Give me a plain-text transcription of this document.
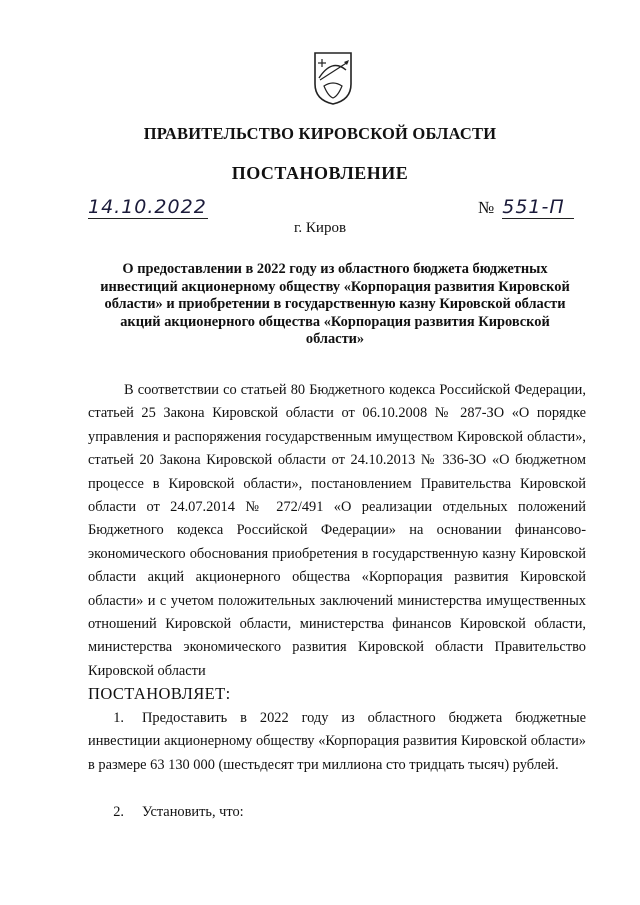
ПРАВИТЕЛЬСТВО КИРОВСКОЙ ОБЛАСТИ
ПОСТАНОВЛЕНИЕ
14.10.2022	№ 551-П
г. Киров
О предоставлении в 2022 году из областного бюджета бюджетных инвестиций акционерному обществу «Корпорация развития Кировской области» и приобретении в государственную казну Кировской области акций акционерного общества «Корпорация развития Кировской области»
В соответствии со статьей 80 Бюджетного кодекса Российской Федерации, статьей 25 Закона Кировской области от 06.10.2008 № 287-ЗО «О порядке управления и распоряжения государственным имуществом Кировской области», статьей 20 Закона Кировской области от 24.10.2013 № 336-ЗО «О бюджетном процессе в Кировской области», постановлением Правительства Кировской области от 24.07.2014 № 272/491 «О реализации отдельных положений Бюджетного кодекса Российской Федерации» на основании финансово-экономического обоснования приобретения в государственную казну Кировской области акций акционерного общества «Корпорация развития Кировской области» и с учетом положительных заключений министерства имущественных отношений Кировской области, министерства финансов Кировской области, министерства экономического развития Кировской области Правительство Кировской области
ПОСТАНОВЛЯЕТ:
1. Предоставить в 2022 году из областного бюджета бюджетные инвестиции акционерному обществу «Корпорация развития Кировской области» в размере 63 130 000 (шестьдесят три миллиона сто тридцать тысяч) рублей.
2. Установить, что:
